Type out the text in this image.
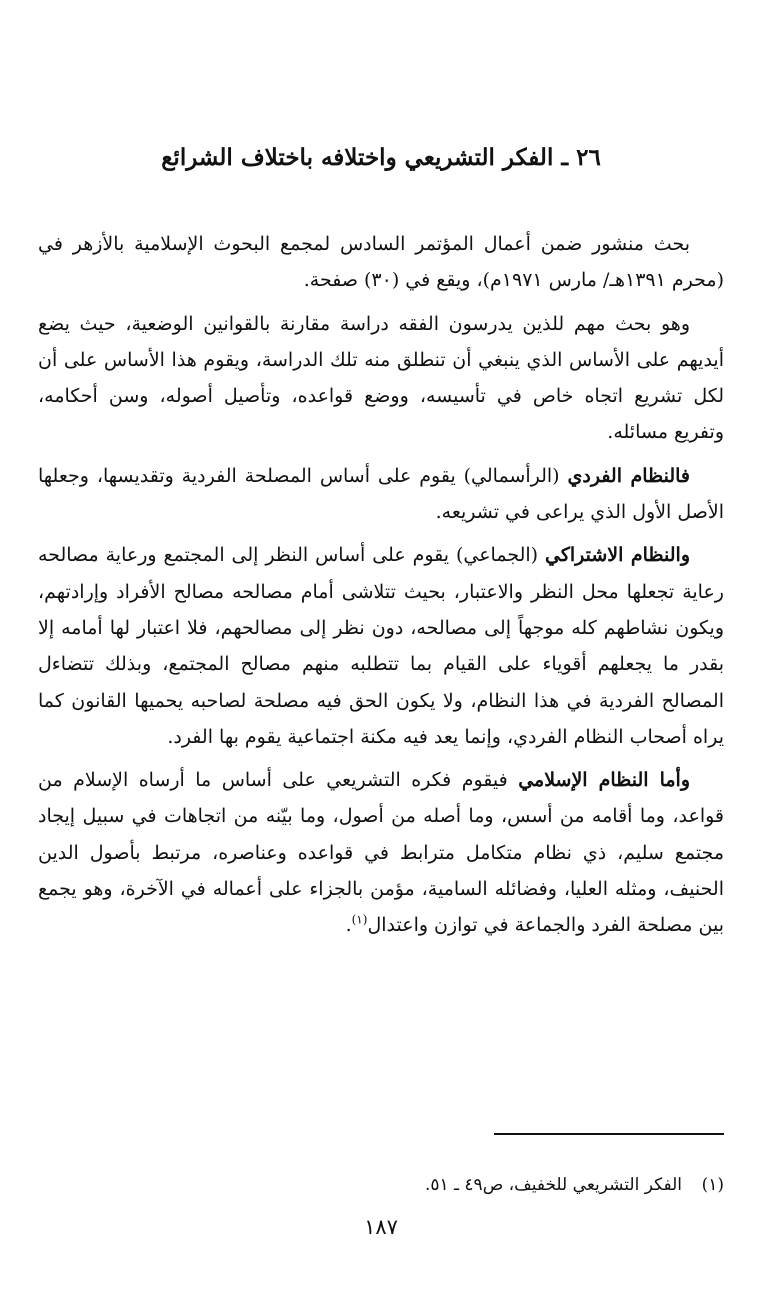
٢٦ ـ الفكر التشريعي واختلافه باختلاف الشرائع

بحث منشور ضمن أعمال المؤتمر السادس لمجمع البحوث الإسلامية بالأزهر في (محرم ١٣٩١هـ/ مارس ١٩٧١م)، ويقع في (٣٠) صفحة.

وهو بحث مهم للذين يدرسون الفقه دراسة مقارنة بالقوانين الوضعية، حيث يضع أيديهم على الأساس الذي ينبغي أن تنطلق منه تلك الدراسة، ويقوم هذا الأساس على أن لكل تشريع اتجاه خاص في تأسيسه، ووضع قواعده، وتأصيل أصوله، وسن أحكامه، وتفريع مسائله.

فالنظام الفردي (الرأسمالي) يقوم على أساس المصلحة الفردية وتقديسها، وجعلها الأصل الأول الذي يراعى في تشريعه.

والنظام الاشتراكي (الجماعي) يقوم على أساس النظر إلى المجتمع ورعاية مصالحه رعاية تجعلها محل النظر والاعتبار، بحيث تتلاشى أمام مصالحه مصالح الأفراد وإرادتهم، ويكون نشاطهم كله موجهاً إلى مصالحه، دون نظر إلى مصالحهم، فلا اعتبار لها أمامه إلا بقدر ما يجعلهم أقوياء على القيام بما تتطلبه منهم مصالح المجتمع، وبذلك تتضاءل المصالح الفردية في هذا النظام، ولا يكون الحق فيه مصلحة لصاحبه يحميها القانون كما يراه أصحاب النظام الفردي، وإنما يعد فيه مكنة اجتماعية يقوم بها الفرد.

وأما النظام الإسلامي فيقوم فكره التشريعي على أساس ما أرساه الإسلام من قواعد، وما أقامه من أسس، وما أصله من أصول، وما بيّنه من اتجاهات في سبيل إيجاد مجتمع سليم، ذي نظام متكامل مترابط في قواعده وعناصره، مرتبط بأصول الدين الحنيف، ومثله العليا، وفضائله السامية، مؤمن بالجزاء على أعماله في الآخرة، وهو يجمع بين مصلحة الفرد والجماعة في توازن واعتدال$^{(١)}$.

(١)الفكر التشريعي للخفيف، ص٤٩ ـ ٥١.
١٨٧
